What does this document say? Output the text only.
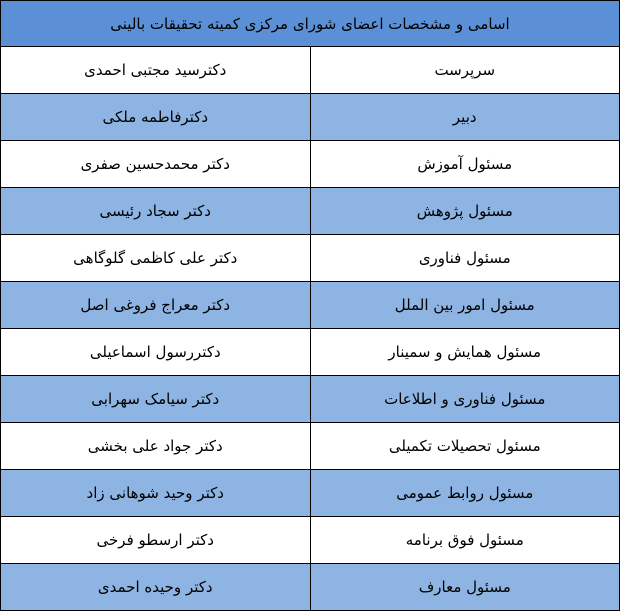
اسامی و مشخصات اعضای شورای مرکزی کمیته تحقیقات بالینی	
سرپرست	دکترسید مجتبی احمدی
دبیر	دکترفاطمه ملکی
مسئول آموزش	دکتر محمدحسین صفری
مسئول پژوهش	دکتر سجاد رئیسی
مسئول فناوری	دکتر علی کاظمی گلوگاهی
مسئول امور بین الملل	دکتر معراج فروغی اصل
مسئول همایش و سمینار	دکتررسول اسماعیلی
مسئول فناوری و اطلاعات	دکتر سیامک سهرابی
مسئول تحصیلات تکمیلی	دکتر جواد علی بخشی
مسئول روابط عمومی	دکتر وحید شوهانی زاد
مسئول فوق برنامه	دکتر ارسطو فرخی
مسئول معارف	دکتر وحیده احمدی
